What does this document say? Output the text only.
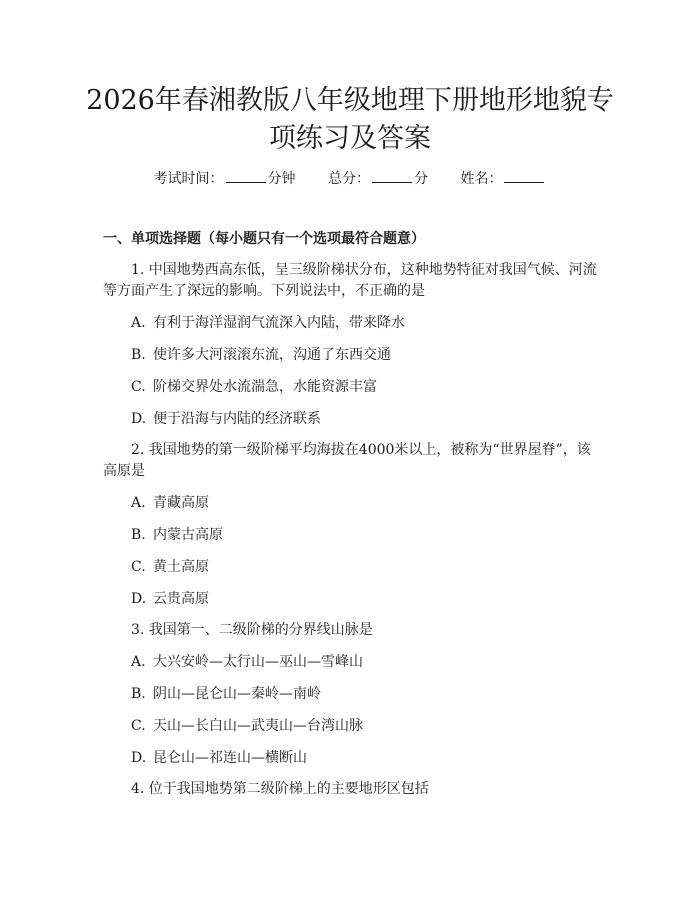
2026年春湘教版八年级地理下册地形地貌专
项练习及答案
考试时间：	分钟 总分：	分 姓名：
一、单项选择题（每小题只有一个选项最符合题意）
1. 中国地势西高东低，呈三级阶梯状分布，这种地势特征对我国气候、河流等方面产生了深远的影响。下列说法中，不正确的是
A. 有利于海洋湿润气流深入内陆，带来降水
B. 使许多大河滚滚东流，沟通了东西交通
C. 阶梯交界处水流湍急，水能资源丰富
D. 便于沿海与内陆的经济联系
2. 我国地势的第一级阶梯平均海拔在4000米以上，被称为“世界屋脊”，该高原是
A. 青藏高原
B. 内蒙古高原
C. 黄土高原
D. 云贵高原
3. 我国第一、二级阶梯的分界线山脉是
A. 大兴安岭—太行山—巫山—雪峰山
B. 阴山—昆仑山—秦岭—南岭
C. 天山—长白山—武夷山—台湾山脉
D. 昆仑山—祁连山—横断山
4. 位于我国地势第二级阶梯上的主要地形区包括
